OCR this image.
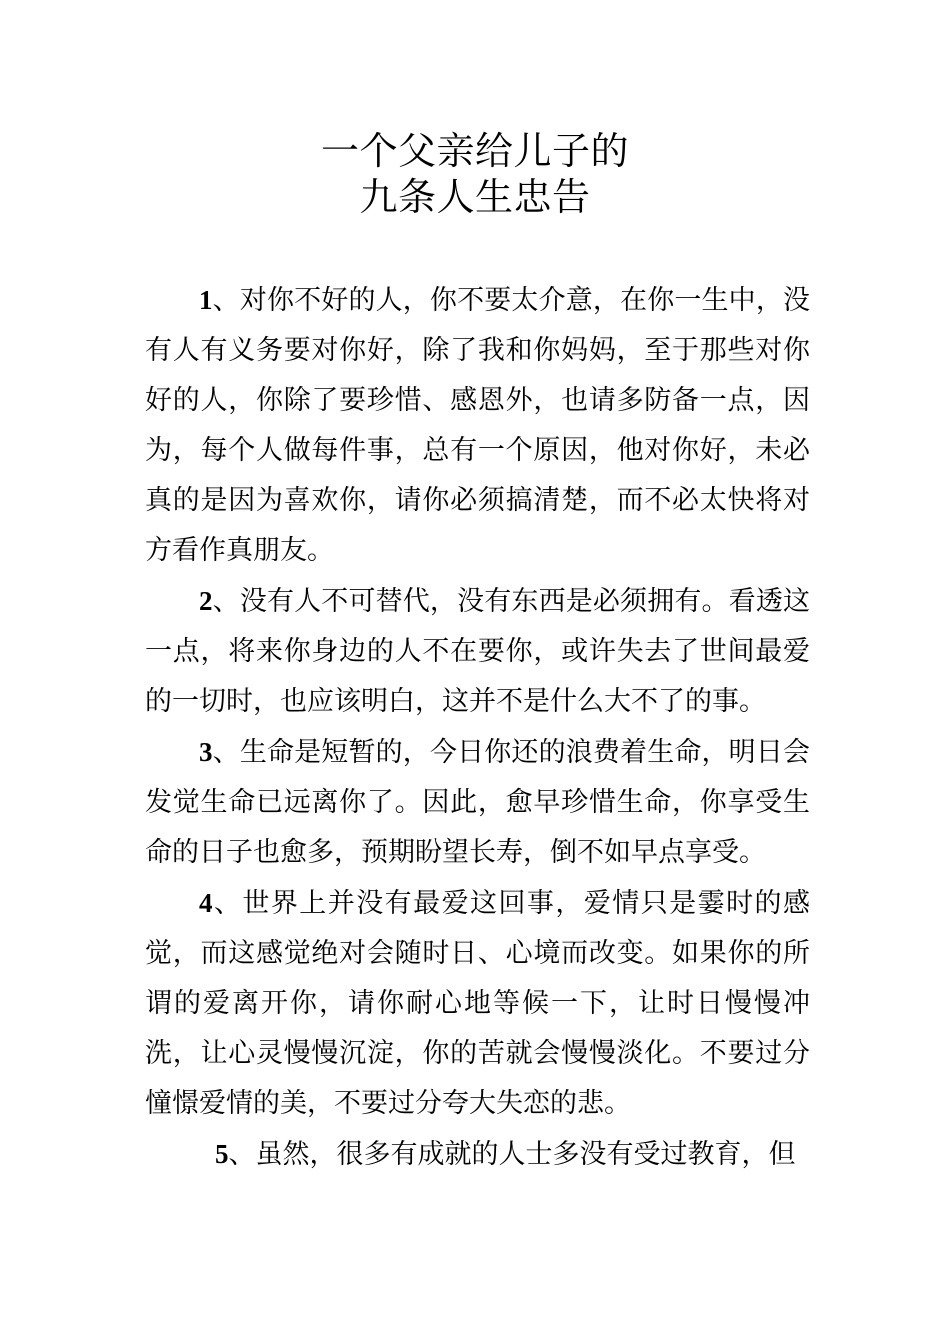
一个父亲给儿子的
九条人生忠告

1、对你不好的人，你不要太介意，在你一生中，没有人有义务要对你好，除了我和你妈妈，至于那些对你好的人，你除了要珍惜、感恩外，也请多防备一点，因为，每个人做每件事，总有一个原因，他对你好，未必真的是因为喜欢你，请你必须搞清楚，而不必太快将对方看作真朋友。

2、没有人不可替代，没有东西是必须拥有。看透这一点，将来你身边的人不在要你，或许失去了世间最爱的一切时，也应该明白，这并不是什么大不了的事。

3、生命是短暂的，今日你还的浪费着生命，明日会发觉生命已远离你了。因此，愈早珍惜生命，你享受生命的日子也愈多，预期盼望长寿，倒不如早点享受。

4、世界上并没有最爱这回事，爱情只是霎时的感觉，而这感觉绝对会随时日、心境而改变。如果你的所谓的爱离开你，请你耐心地等候一下，让时日慢慢冲洗，让心灵慢慢沉淀，你的苦就会慢慢淡化。不要过分憧憬爱情的美，不要过分夸大失恋的悲。

5、虽然，很多有成就的人士多没有受过教育，但
